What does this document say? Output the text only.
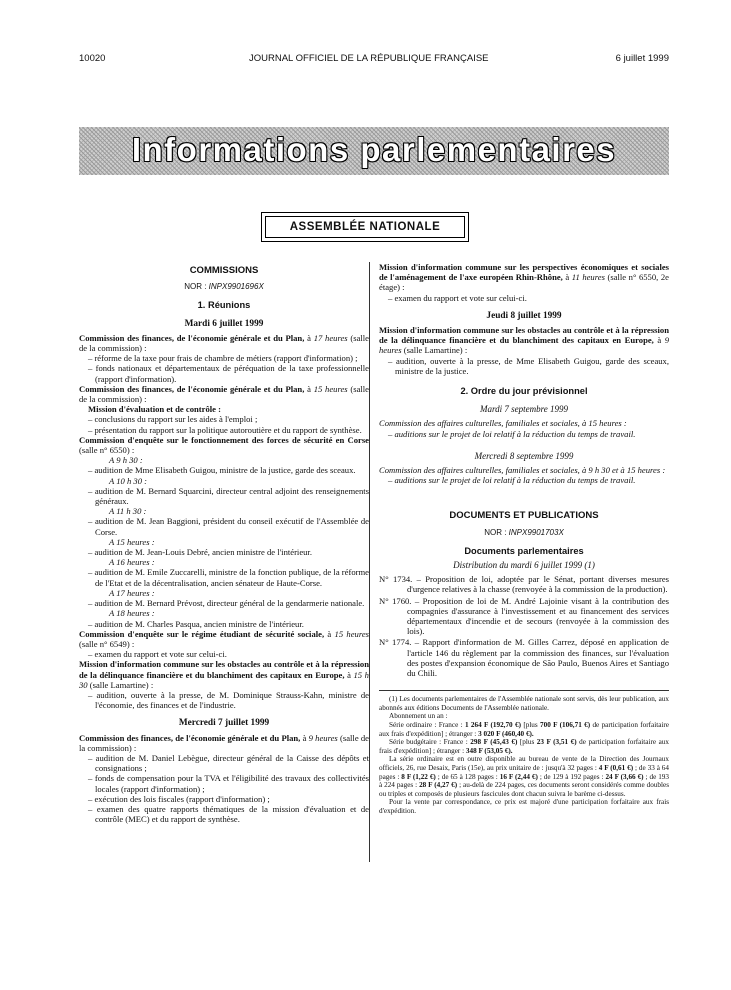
10020	JOURNAL OFFICIEL DE LA RÉPUBLIQUE FRANÇAISE	6 juillet 1999
Informations parlementaires
ASSEMBLÉE NATIONALE
COMMISSIONS
NOR : INPX9901696X
1. Réunions
Mardi 6 juillet 1999

Commission des finances, de l'économie générale et du Plan, à 17 heures (salle de la commission) :

– réforme de la taxe pour frais de chambre de métiers (rapport d'information) ;

– fonds nationaux et départementaux de péréquation de la taxe professionnelle (rapport d'information).

Commission des finances, de l'économie générale et du Plan, à 15 heures (salle de la commission) :

Mission d'évaluation et de contrôle :

– conclusions du rapport sur les aides à l'emploi ;

– présentation du rapport sur la politique autoroutière et du rapport de synthèse.

Commission d'enquête sur le fonctionnement des forces de sécurité en Corse (salle n° 6550) :

A 9 h 30 :

– audition de Mme Elisabeth Guigou, ministre de la justice, garde des sceaux.

A 10 h 30 :

– audition de M. Bernard Squarcini, directeur central adjoint des renseignements généraux.

A 11 h 30 :

– audition de M. Jean Baggioni, président du conseil exécutif de l'Assemblée de Corse.

A 15 heures :

– audition de M. Jean-Louis Debré, ancien ministre de l'intérieur.

A 16 heures :

– audition de M. Emile Zuccarelli, ministre de la fonction publique, de la réforme de l'Etat et de la décentralisation, ancien sénateur de Haute-Corse.

A 17 heures :

– audition de M. Bernard Prévost, directeur général de la gendarmerie nationale.

A 18 heures :

– audition de M. Charles Pasqua, ancien ministre de l'intérieur.

Commission d'enquête sur le régime étudiant de sécurité sociale, à 15 heures (salle n° 6549) :

– examen du rapport et vote sur celui-ci.

Mission d'information commune sur les obstacles au contrôle et à la répression de la délinquance financière et du blanchiment des capitaux en Europe, à 15 h 30 (salle Lamartine) :

– audition, ouverte à la presse, de M. Dominique Strauss-Kahn, ministre de l'économie, des finances et de l'industrie.

Mercredi 7 juillet 1999

Commission des finances, de l'économie générale et du Plan, à 9 heures (salle de la commission) :

– audition de M. Daniel Lebègue, directeur général de la Caisse des dépôts et consignations ;

– fonds de compensation pour la TVA et l'éligibilité des travaux des collectivités locales (rapport d'information) ;

– exécution des lois fiscales (rapport d'information) ;

– examen des quatre rapports thématiques de la mission d'évaluation et de contrôle (MEC) et du rapport de synthèse.

Mission d'information commune sur les perspectives économiques et sociales de l'aménagement de l'axe européen Rhin-Rhône, à 11 heures (salle n° 6550, 2e étage) :

– examen du rapport et vote sur celui-ci.

Jeudi 8 juillet 1999

Mission d'information commune sur les obstacles au contrôle et à la répression de la délinquance financière et du blanchiment des capitaux en Europe, à 9 heures (salle Lamartine) :

– audition, ouverte à la presse, de Mme Elisabeth Guigou, garde des sceaux, ministre de la justice.

2. Ordre du jour prévisionnel
Mardi 7 septembre 1999

Commission des affaires culturelles, familiales et sociales, à 15 heures :

– auditions sur le projet de loi relatif à la réduction du temps de travail.

Mercredi 8 septembre 1999

Commission des affaires culturelles, familiales et sociales, à 9 h 30 et à 15 heures :

– auditions sur le projet de loi relatif à la réduction du temps de travail.

DOCUMENTS ET PUBLICATIONS
NOR : INPX9901703X
Documents parlementaires
Distribution du mardi 6 juillet 1999 (1)

N° 1734. – Proposition de loi, adoptée par le Sénat, portant diverses mesures d'urgence relatives à la chasse (renvoyée à la commission de la production).

N° 1760. – Proposition de loi de M. André Lajoinie visant à la contribution des compagnies d'assurance à l'investissement et au financement des services départementaux d'incendie et de secours (renvoyée à la commission des lois).

N° 1774. – Rapport d'information de M. Gilles Carrez, déposé en application de l'article 146 du règlement par la commission des finances, sur l'évaluation des postes d'expansion économique de São Paulo, Buenos Aires et Santiago du Chili.

(1) Les documents parlementaires de l'Assemblée nationale sont servis, dès leur publication, aux abonnés aux éditions Documents de l'Assemblée nationale.

Abonnement un an :

Série ordinaire : France : 1 264 F (192,70 €) [plus 700 F (106,71 €) de participation forfaitaire aux frais d'expédition] ; étranger : 3 020 F (460,40 €).

Série budgétaire : France : 298 F (45,43 €) [plus 23 F (3,51 €) de participation forfaitaire aux frais d'expédition] ; étranger : 348 F (53,05 €).

La série ordinaire est en outre disponible au bureau de vente de la Direction des Journaux officiels, 26, rue Desaix, Paris (15e), au prix unitaire de : jusqu'à 32 pages : 4 F (0,61 €) ; de 33 à 64 pages : 8 F (1,22 €) ; de 65 à 128 pages : 16 F (2,44 €) ; de 129 à 192 pages : 24 F (3,66 €) ; de 193 à 224 pages : 28 F (4,27 €) ; au-delà de 224 pages, ces documents seront considérés comme doubles ou triples et composés de plusieurs fascicules dont chacun suivra le barème ci-dessus.

Pour la vente par correspondance, ce prix est majoré d'une participation forfaitaire aux frais d'expédition.
